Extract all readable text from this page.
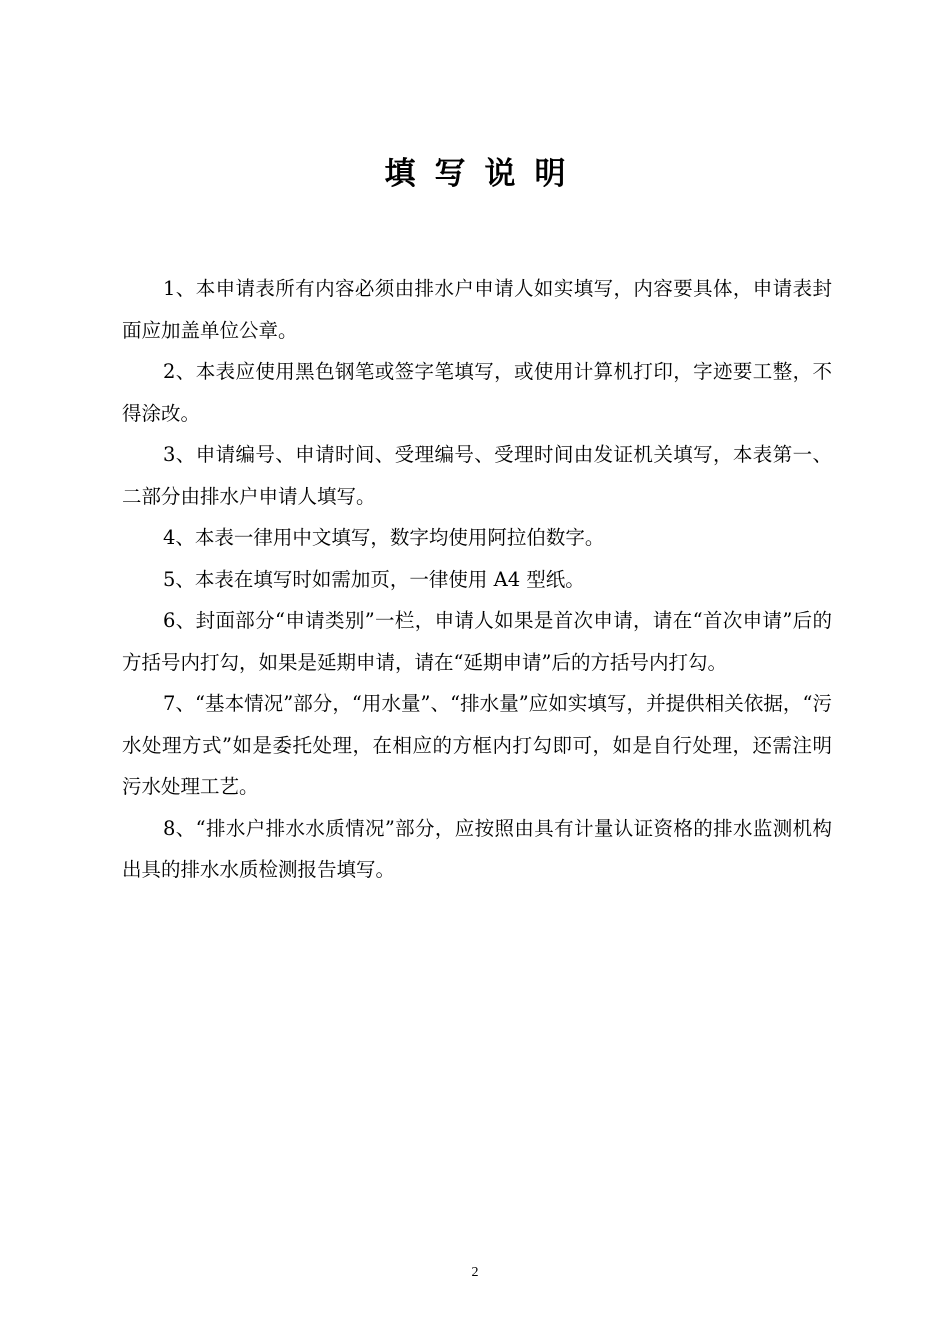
填写说明

1、本申请表所有内容必须由排水户申请人如实填写，内容要具体，申请表封面应加盖单位公章。

2、本表应使用黑色钢笔或签字笔填写，或使用计算机打印，字迹要工整，不得涂改。

3、申请编号、申请时间、受理编号、受理时间由发证机关填写，本表第一、二部分由排水户申请人填写。

4、本表一律用中文填写，数字均使用阿拉伯数字。

5、本表在填写时如需加页，一律使用 A4 型纸。

6、封面部分“申请类别”一栏，申请人如果是首次申请，请在“首次申请”后的方括号内打勾，如果是延期申请，请在“延期申请”后的方括号内打勾。

7、“基本情况”部分，“用水量”、“排水量”应如实填写，并提供相关依据，“污水处理方式”如是委托处理，在相应的方框内打勾即可，如是自行处理，还需注明污水处理工艺。

8、“排水户排水水质情况”部分，应按照由具有计量认证资格的排水监测机构出具的排水水质检测报告填写。

2
